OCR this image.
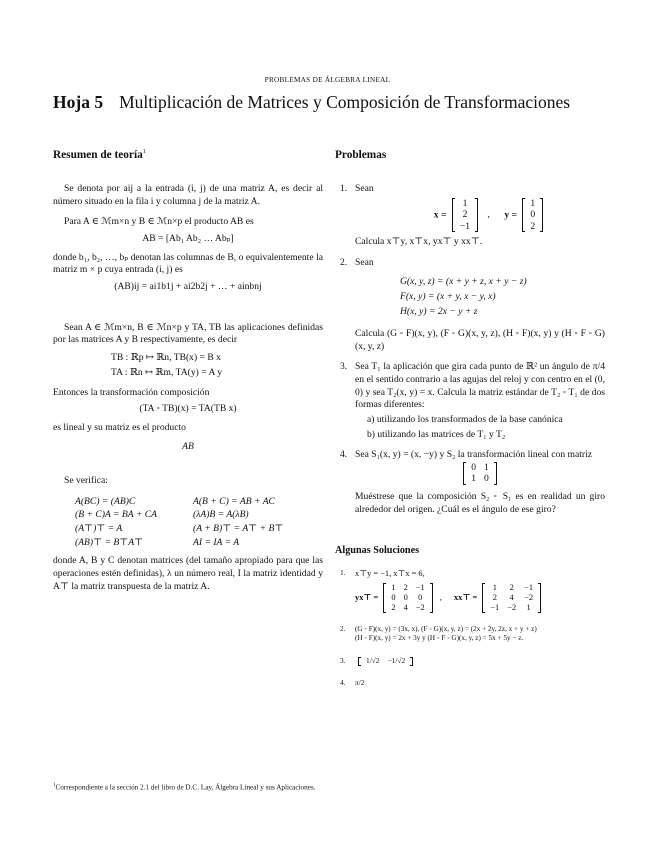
PROBLEMAS DE ÁLGEBRA LINEAL
Hoja 5 Multiplicación de Matrices y Composición de Transformaciones
Resumen de teoría$^1$

Se denota por aij a la entrada (i, j) de una matriz A, es decir al número situado en la fila i y columna j de la matriz A.

Para A ∈ ℳm×n y B ∈ ℳn×p el producto AB es

AB = [Ab₁ Ab₂ … Abₚ]

donde b₁, b₂, …, bₚ denotan las columnas de B, o equivalentemente la matriz m × p cuya entrada (i, j) es

(AB)ij = ai1b1j + ai2b2j + … + ainbnj

Sean A ∈ ℳm×n, B ∈ ℳn×p y TA, TB las aplicaciones definidas por las matrices A y B respectivamente, es decir

TB : ℝp ↦ ℝn, TB(x) = B x
TA : ℝn ↦ ℝm, TA(y) = A y

Entonces la transformación composición

(TA ◦ TB)(x) = TA(TB x)

es lineal y su matriz es el producto

AB

Se verifica:

A(BC) = (AB)C	A(B + C) = AB + AC
(B + C)A = BA + CA	(λA)B = A(λB)
(A⊤)⊤ = A	(A + B)⊤ = A⊤ + B⊤
(AB)⊤ = B⊤A⊤	AI = IA = A

donde A, B y C denotan matrices (del tamaño apropiado para que las operaciones estén definidas), λ un número real, I la matriz identidad y A⊤ la matriz transpuesta de la matriz A.

$^1$Correspondiente a la sección 2.1 del libro de D.C. Lay, Álgebra Lineal y sus Aplicaciones.
Problemas
1. Sean
x =
1
2
−1
, y =
1
0
2
Calcula x⊤y, x⊤x, yx⊤ y xx⊤.
2. Sean
G(x, y, z) = (x + y + z, x + y − z)
F(x, y) = (x + y, x − y, x)
H(x, y) = 2x − y + z

Calcula (G ◦ F)(x, y), (F ◦ G)(x, y, z), (H ◦ F)(x, y) y (H ◦ F ◦ G)(x, y, z)

3. Sea T₁ la aplicación que gira cada punto de ℝ² un ángulo de π/4 en el sentido contrario a las agujas del reloj y con centro en el (0, 0) y sea T₂(x, y) = x. Calcula la matriz estándar de T₂ ◦ T₁ de dos formas diferentes:

a) utilizando los transformados de la base canónica
b) utilizando las matrices de T₁ y T₂
4. Sea S₁(x, y) = (x, −y) y S₂ la transformación lineal con matriz

0	1
1	0

Muéstrese que la composición S₂ ◦ S₁ es en realidad un giro alrededor del origen. ¿Cuál es el ángulo de ese giro?

Algunas Soluciones
1. x⊤y = −1, x⊤x = 6,
yx⊤ =
1	2	−1
0	0	0
2	4	−2
, xx⊤ =
1	2	−1
2	4	−2
−1	−2	1
2. (G ◦ F)(x, y) = (3x, x), (F ◦ G)(x, y, z) = (2x + 2y, 2z, x + y + z)
(H ◦ F)(x, y) = 2x + 3y y (H ◦ F ◦ G)(x, y, z) = 5x + 5y − z.
3.	1/√2	−1/√2
4. π/2
